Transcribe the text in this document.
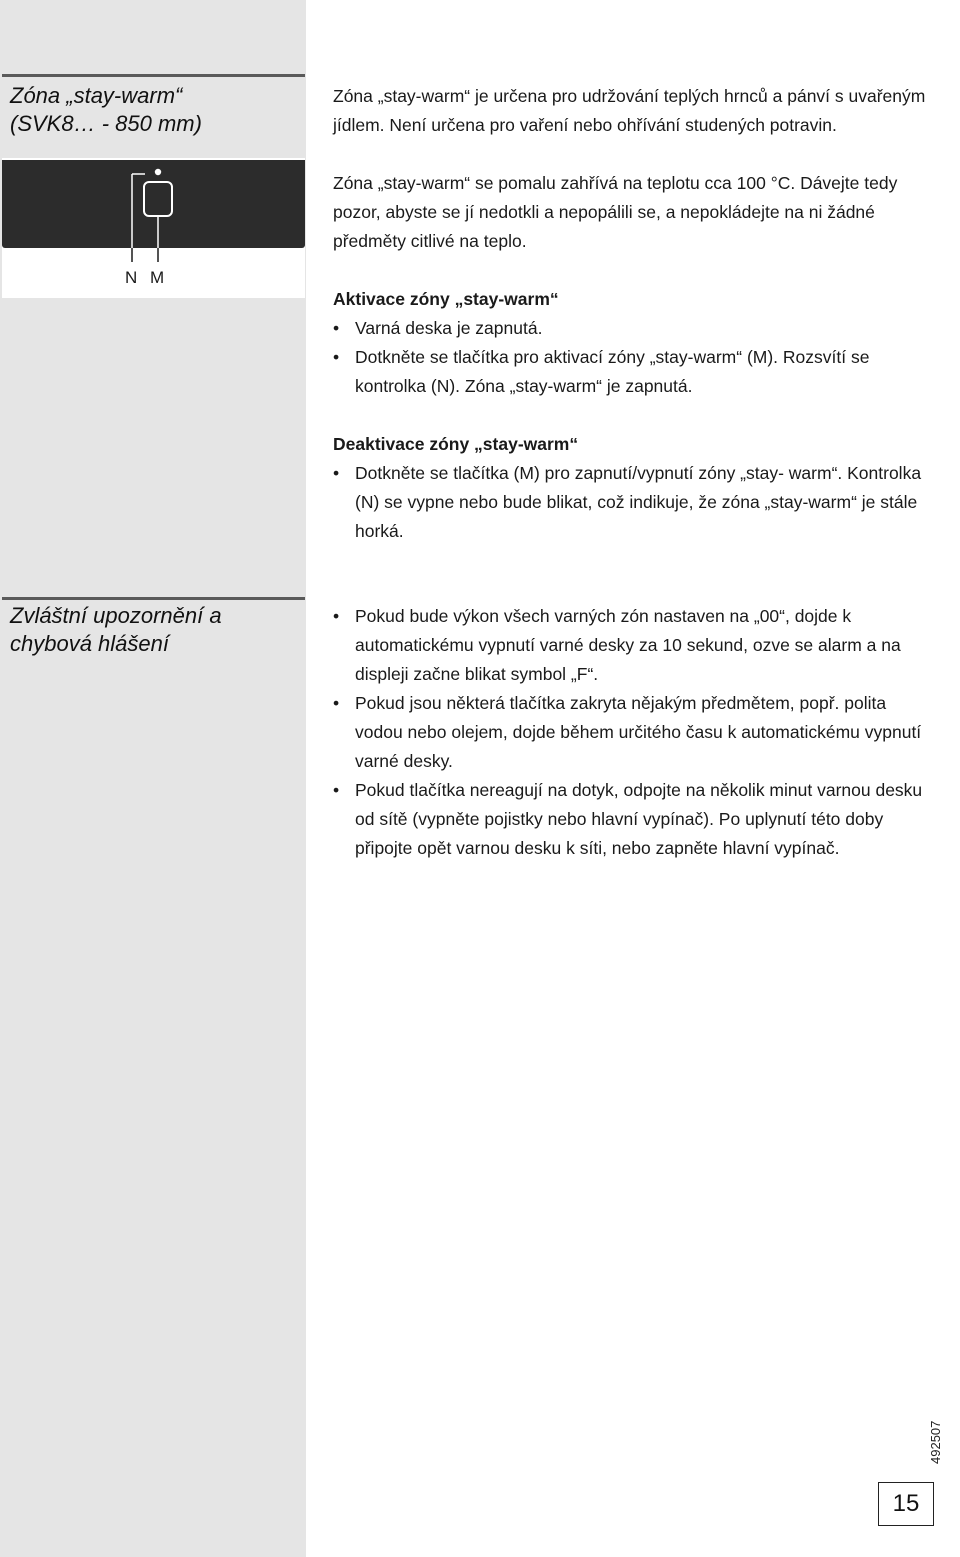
Zóna „stay-warm“
(SVK8… - 850 mm)
N M

Zóna „stay-warm“ je určena pro udržování teplých hrnců a pánví s uvařeným jídlem. Není určena pro vaření nebo ohřívání studených potravin.

Zóna „stay-warm“ se pomalu zahřívá na teplotu cca 100 °C. Dávejte tedy pozor, abyste se jí nedotkli a nepopálili se, a nepokládejte na ni žádné předměty citlivé na teplo.

Aktivace zóny „stay-warm“

• Varná deska je zapnutá.
• Dotkněte se tlačítka pro aktivací zóny „stay-warm“ (M). Rozsvítí se kontrolka (N). Zóna „stay-warm“ je zapnutá.

Deaktivace zóny „stay-warm“

• Dotkněte se tlačítka (M) pro zapnutí/vypnutí zóny „stay- warm“. Kontrolka (N) se vypne nebo bude blikat, což indikuje, že zóna „stay-warm“ je stále horká.
Zvláštní upozornění a
chybová hlášení
• Pokud bude výkon všech varných zón nastaven na „00“, dojde k automatickému vypnutí varné desky za 10 sekund, ozve se alarm a na displeji začne blikat symbol „F“.
• Pokud jsou některá tlačítka zakryta nějakým předmětem, popř. polita vodou nebo olejem, dojde během určitého času k automatickému vypnutí varné desky.
• Pokud tlačítka nereagují na dotyk, odpojte na několik minut varnou desku od sítě (vypněte pojistky nebo hlavní vypínač). Po uplynutí této doby připojte opět varnou desku k síti, nebo zapněte hlavní vypínač.
492507
15
